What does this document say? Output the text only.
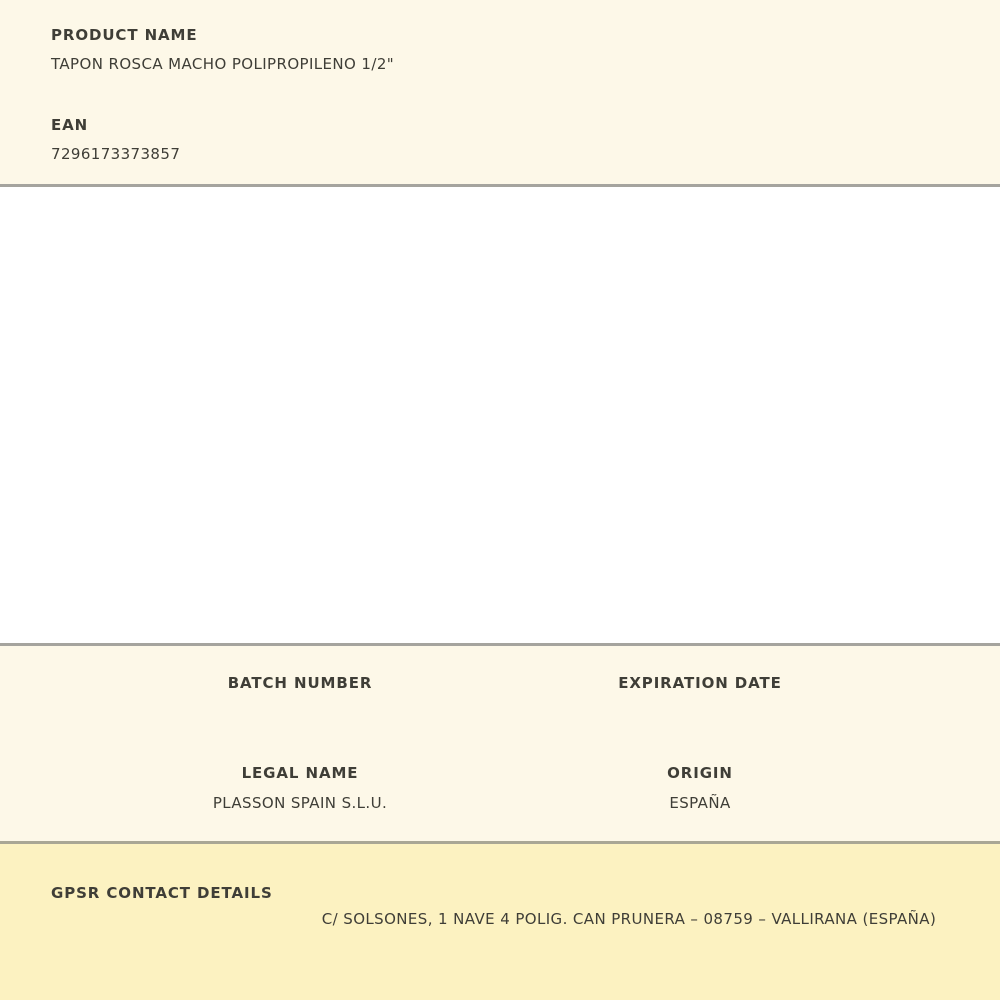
PRODUCT NAME
TAPON ROSCA MACHO POLIPROPILENO 1/2"
EAN
7296173373857
BATCH NUMBER	EXPIRATION DATE
LEGAL NAME
PLASSON SPAIN S.L.U.
ORIGIN
ESPAÑA
GPSR CONTACT DETAILS
C/ SOLSONES, 1 NAVE 4 POLIG. CAN PRUNERA – 08759 – VALLIRANA (ESPAÑA)
